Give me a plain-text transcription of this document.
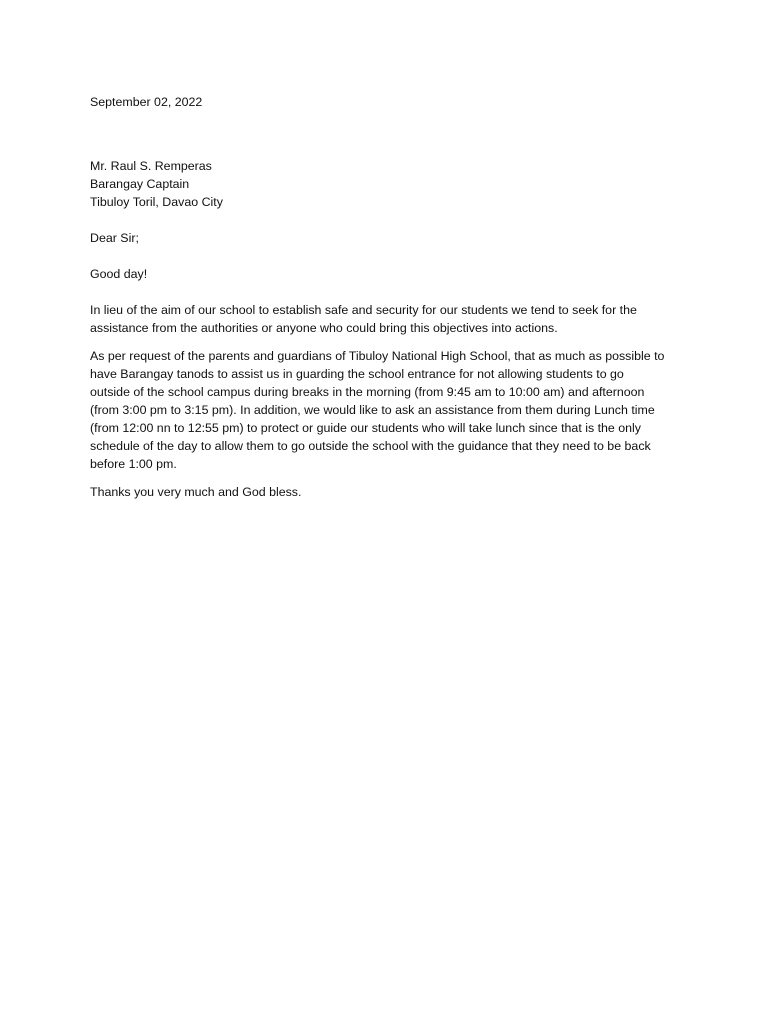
September 02, 2022

Mr. Raul S. Remperas
Barangay Captain
Tibuloy Toril, Davao City

Dear Sir;

Good day!

In lieu of the aim of our school to establish safe and security for our students we tend to seek for the
assistance from the authorities or anyone who could bring this objectives into actions.

As per request of the parents and guardians of Tibuloy National High School, that as much as possible to
have Barangay tanods to assist us in guarding the school entrance for not allowing students to go
outside of the school campus during breaks in the morning (from 9:45 am to 10:00 am) and afternoon
(from 3:00 pm to 3:15 pm). In addition, we would like to ask an assistance from them during Lunch time
(from 12:00 nn to 12:55 pm) to protect or guide our students who will take lunch since that is the only
schedule of the day to allow them to go outside the school with the guidance that they need to be back
before 1:00 pm.

Thanks you very much and God bless.
